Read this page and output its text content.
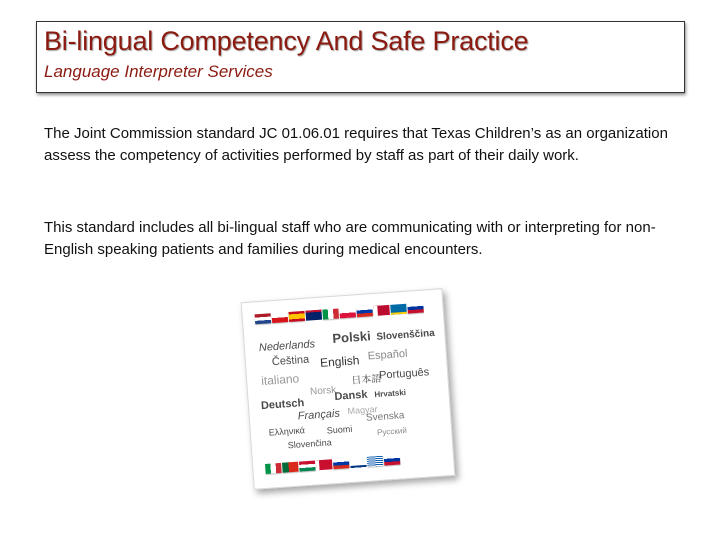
Bi-lingual Competency And Safe Practice
Language Interpreter Services

The Joint Commission standard JC 01.06.01 requires that Texas Children’s as an organization assess the competency of activities performed by staff as part of their daily work.

This standard includes all bi-lingual staff who are communicating with or interpreting for non-English speaking patients and families during medical encounters.

Nederlands
Polski Slovenščina
Čeština English Español
italiano	日本語
Português
Norsk
Deutsch
Dansk Hrvatski
Français Magyar
Svenska
Ελληνικά Suomi	Русский
Slovenčina
